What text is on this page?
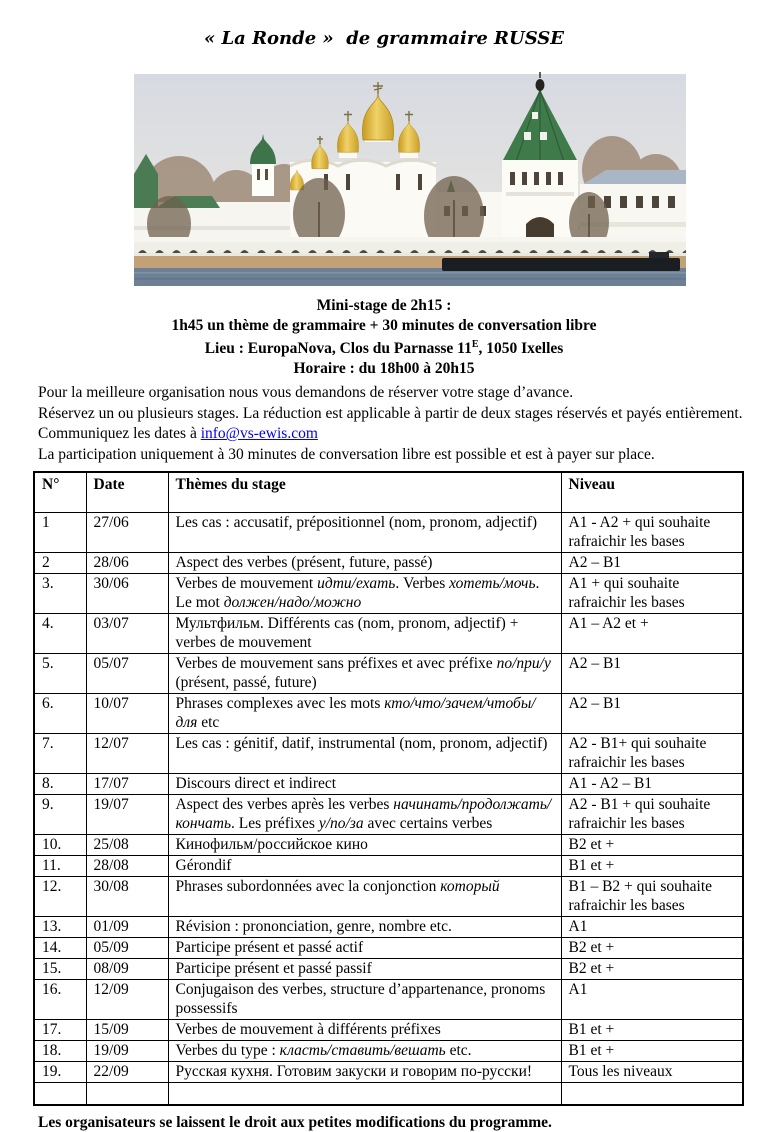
« La Ronde »  de grammaire RUSSE

Mini-stage de 2h15 :

1h45 un thème de grammaire + 30 minutes de conversation libre

Lieu : EuropaNova, Clos du Parnasse $11^E$, 1050 Ixelles

Horaire : du 18h00 à 20h15

Pour la meilleure organisation nous vous demandons de réserver votre stage d’avance.

Réservez un ou plusieurs stages. La réduction est applicable à partir de deux stages réservés et payés entièrement. Communiquez les dates à info@vs-ewis.com

La participation uniquement à 30 minutes de conversation libre est possible et est à payer sur place.

N°	Date	Thèmes du stage	Niveau
1	27/06	Les cas : accusatif, prépositionnel (nom, pronom, adjectif)	A1 - A2 + qui souhaite rafraichir les bases
2	28/06	Aspect des verbes (présent, future, passé)	A2 – B1
3.	30/06	Verbes de mouvement идти/ехать. Verbes хотеть/мочь. Le mot должен/надо/можно	A1 + qui souhaite rafraichir les bases
4.	03/07	Мультфильм. Différents cas (nom, pronom, adjectif) + verbes de mouvement	A1 – A2 et +
5.	05/07	Verbes de mouvement sans préfixes et avec préfixe по/при/у (présent, passé, future)	A2 – B1
6.	10/07	Phrases complexes avec les mots кто/что/зачем/чтобы/для etc	A2 – B1
7.	12/07	Les cas : génitif, datif, instrumental (nom, pronom, adjectif)	A2 - B1+ qui souhaite rafraichir les bases
8.	17/07	Discours direct et indirect	A1 - A2 – B1
9.	19/07	Aspect des verbes après les verbes начинать/продолжать/кончать. Les préfixes у/по/за avec certains verbes	A2 - B1 + qui souhaite rafraichir les bases
10.	25/08	Кинофильм/российское кино	B2 et +
11.	28/08	Gérondif	B1 et +
12.	30/08	Phrases subordonnées avec la conjonction который	B1 – B2 + qui souhaite rafraichir les bases
13.	01/09	Révision : prononciation, genre, nombre etc.	A1
14.	05/09	Participe présent et passé actif	B2 et +
15.	08/09	Participe présent et passé passif	B2 et +
16.	12/09	Conjugaison des verbes, structure d’appartenance, pronoms possessifs	A1
17.	15/09	Verbes de mouvement à différents préfixes	B1 et +
18.	19/09	Verbes du type : класть/ставить/вешать etc.	B1 et +
19.	22/09	Русская кухня. Готовим закуски и говорим по-русски!	Tous les niveaux

Les organisateurs se laissent le droit aux petites modifications du programme.
